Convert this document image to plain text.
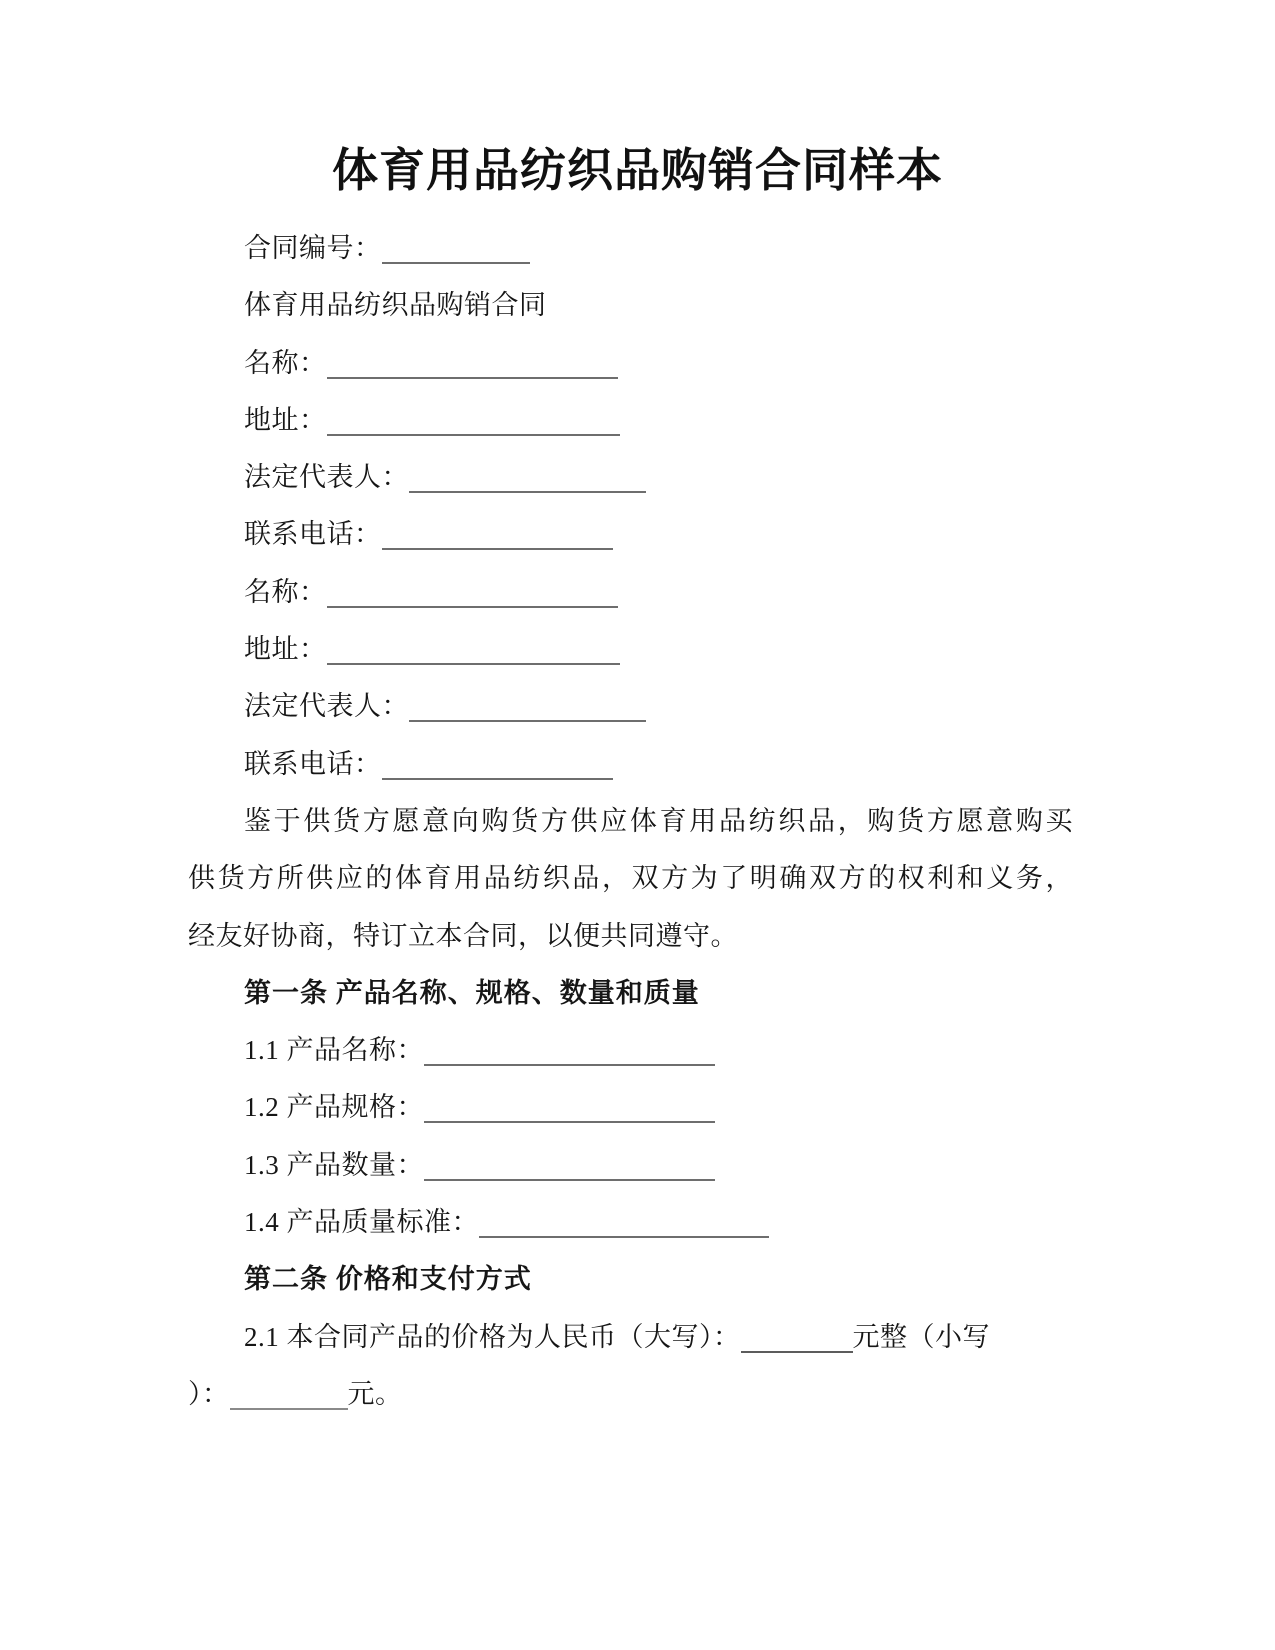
体育用品纺织品购销合同样本
合同编号：
体育用品纺织品购销合同
名称：
地址：
法定代表人：
联系电话：
名称：
地址：
法定代表人：
联系电话：
鉴于供货方愿意向购货方供应体育用品纺织品，购货方愿意购买
供货方所供应的体育用品纺织品，双方为了明确双方的权利和义务，
经友好协商，特订立本合同，以便共同遵守。
第一条 产品名称、规格、数量和质量
1.1 产品名称：
1.2 产品规格：
1.3 产品数量：
1.4 产品质量标准：
第二条 价格和支付方式
2.1 本合同产品的价格为人民币（大写）：	元整（小写
）：	元。
